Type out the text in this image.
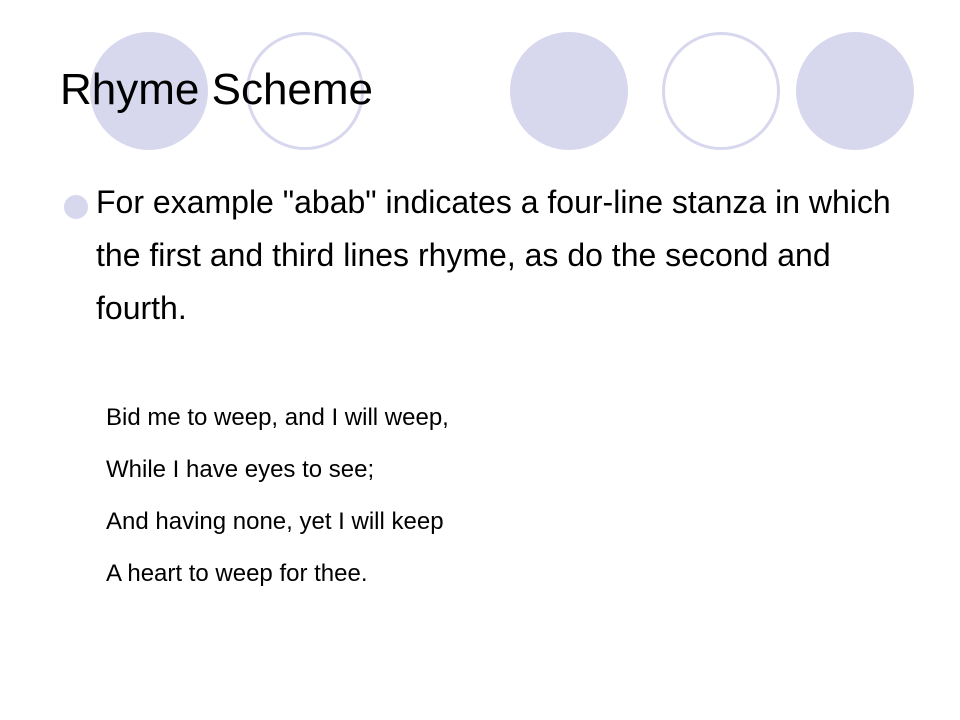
Rhyme Scheme

For example "abab" indicates a four-line stanza in which the first and third lines rhyme, as do the second and fourth.

Bid me to weep, and I will weep,
While I have eyes to see;
And having none, yet I will keep
A heart to weep for thee.
